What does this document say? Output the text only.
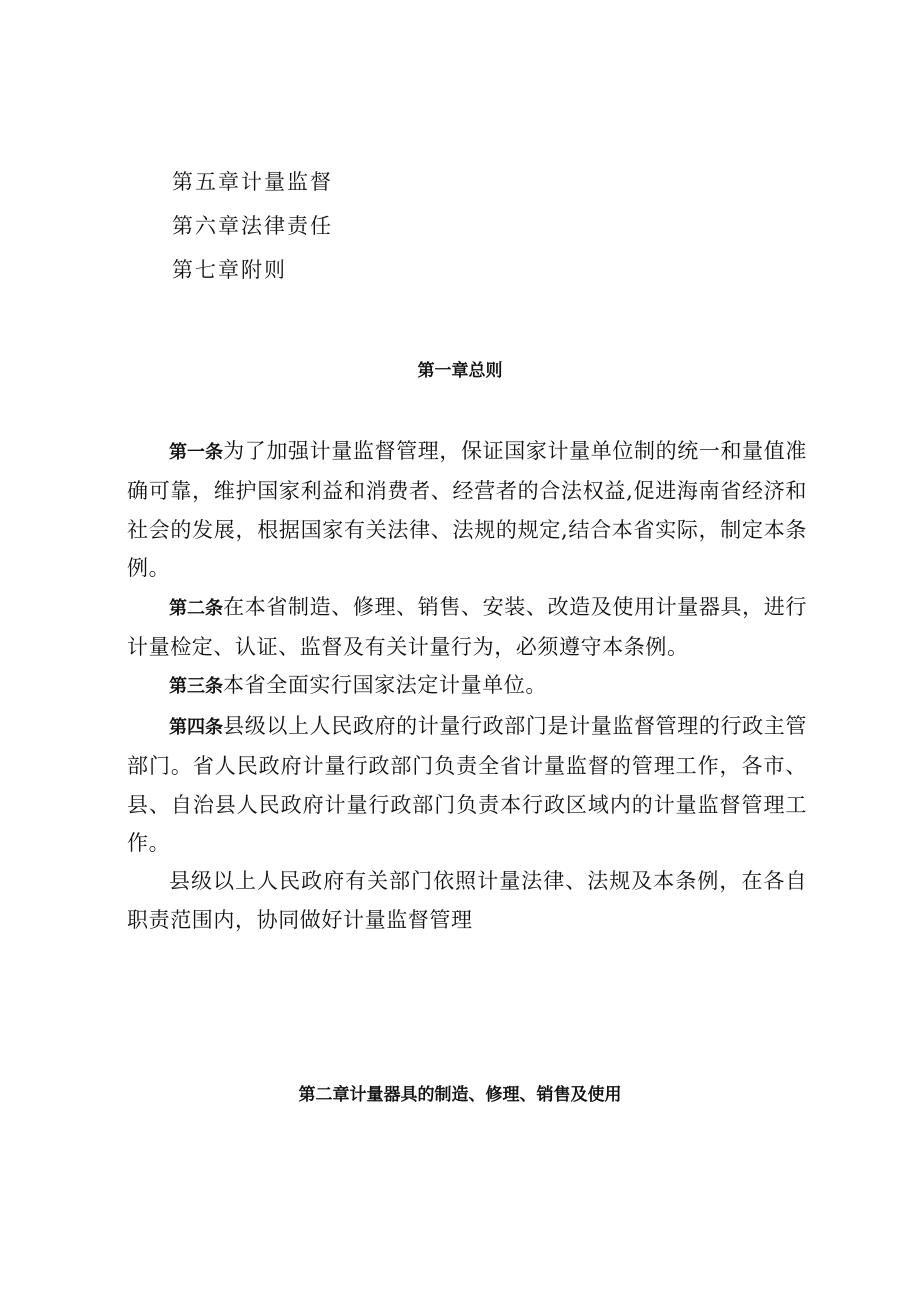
第五章计量监督
第六章法律责任
第七章附则
第一章总则

第一条为了加强计量监督管理，保证国家计量单位制的统一和量值准确可靠，维护国家利益和消费者、经营者的合法权益,促进海南省经济和社会的发展，根据国家有关法律、法规的规定,结合本省实际，制定本条例。

第二条在本省制造、修理、销售、安装、改造及使用计量器具，进行计量检定、认证、监督及有关计量行为，必须遵守本条例。

第三条本省全面实行国家法定计量单位。

第四条县级以上人民政府的计量行政部门是计量监督管理的行政主管部门。省人民政府计量行政部门负责全省计量监督的管理工作，各市、县、自治县人民政府计量行政部门负责本行政区域内的计量监督管理工作。

县级以上人民政府有关部门依照计量法律、法规及本条例，在各自职责范围内，协同做好计量监督管理

第二章计量器具的制造、修理、销售及使用
